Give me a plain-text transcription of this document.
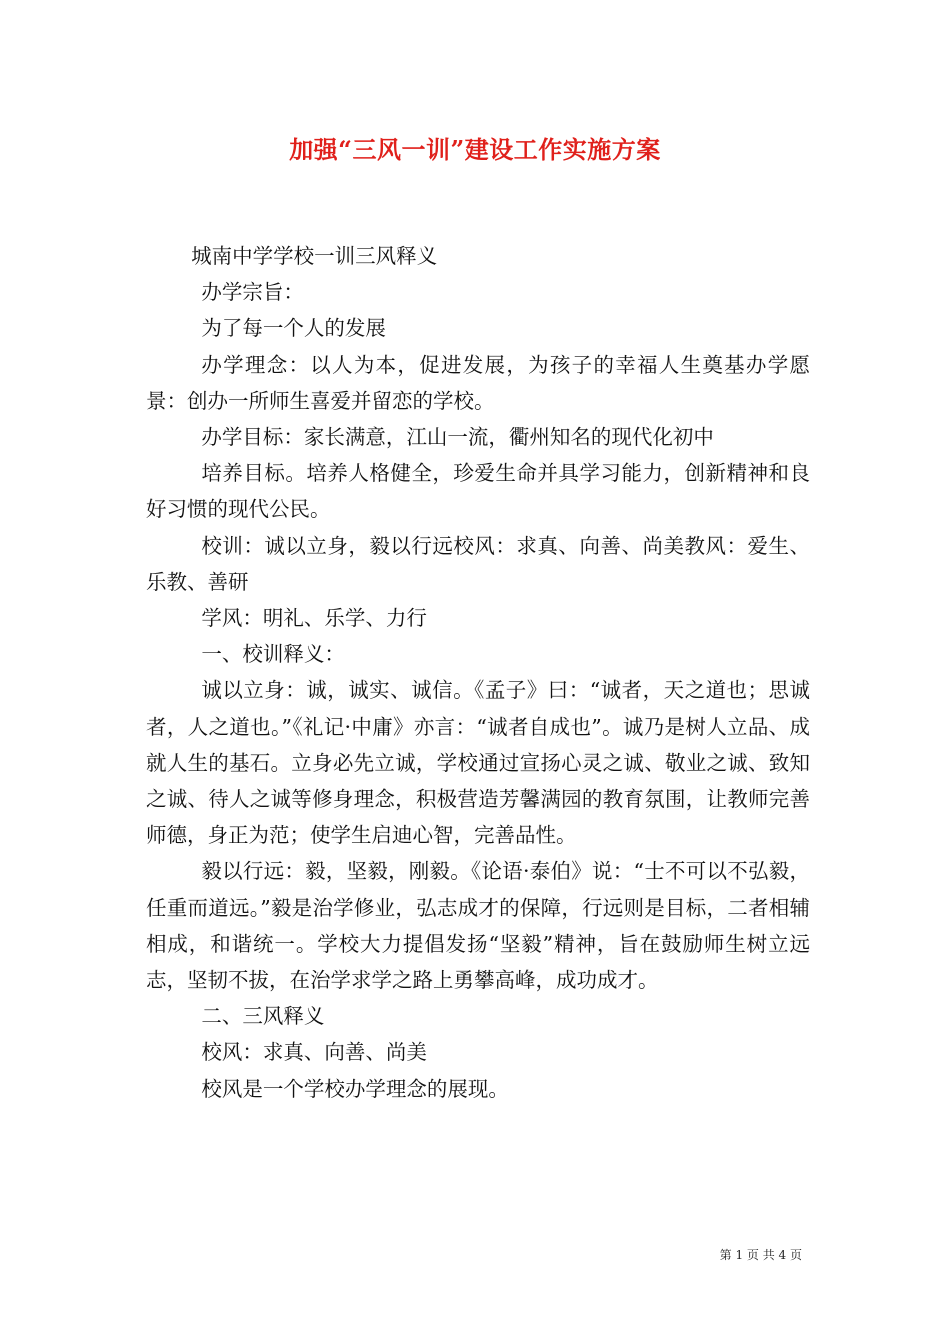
加强“三风一训”建设工作实施方案

城南中学学校一训三风释义

办学宗旨：

为了每一个人的发展

办学理念：以人为本，促进发展，为孩子的幸福人生奠基办学愿景：创办一所师生喜爱并留恋的学校。

办学目标：家长满意，江山一流，衢州知名的现代化初中

培养目标。培养人格健全，珍爱生命并具学习能力，创新精神和良好习惯的现代公民。

校训：诚以立身，毅以行远校风：求真、向善、尚美教风：爱生、乐教、善研

学风：明礼、乐学、力行

一、校训释义：

诚以立身：诚，诚实、诚信。《孟子》曰：“诚者，天之道也；思诚者，人之道也。”《礼记·中庸》亦言：“诚者自成也”。诚乃是树人立品、成就人生的基石。立身必先立诚，学校通过宣扬心灵之诚、敬业之诚、致知之诚、待人之诚等修身理念，积极营造芳馨满园的教育氛围，让教师完善师德，身正为范；使学生启迪心智，完善品性。

毅以行远：毅，坚毅，刚毅。《论语·泰伯》说：“士不可以不弘毅，任重而道远。”毅是治学修业，弘志成才的保障，行远则是目标，二者相辅相成，和谐统一。学校大力提倡发扬“坚毅”精神，旨在鼓励师生树立远志，坚韧不拔，在治学求学之路上勇攀高峰，成功成才。

二、三风释义

校风：求真、向善、尚美

校风是一个学校办学理念的展现。

第 1 页 共 4 页
